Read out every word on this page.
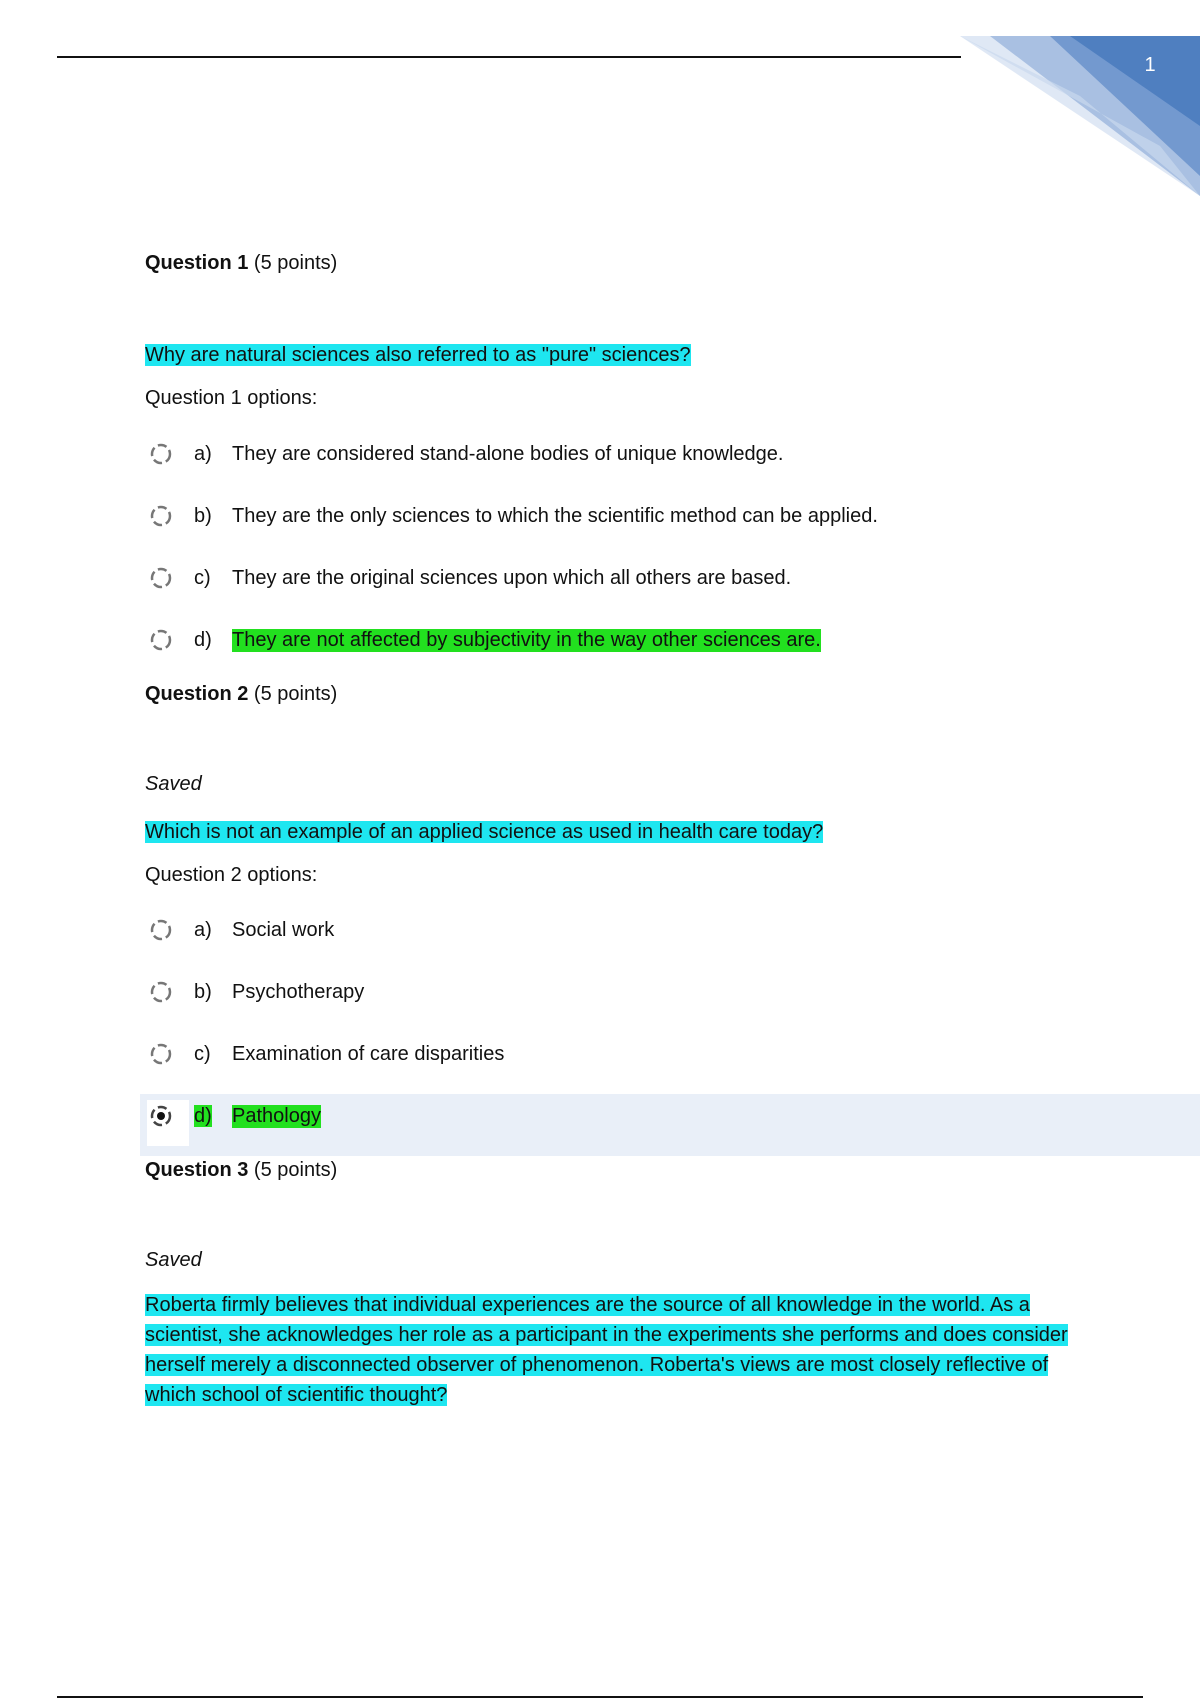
1
Question 1 (5 points)
Why are natural sciences also referred to as "pure" sciences?
Question 1 options:
a)	They are considered stand-alone bodies of unique knowledge.
b)	They are the only sciences to which the scientific method can be applied.
c)	They are the original sciences upon which all others are based.
d)	They are not affected by subjectivity in the way other sciences are.
Question 2 (5 points)
Saved
Which is not an example of an applied science as used in health care today?
Question 2 options:
a)	Social work
b)	Psychotherapy
c)	Examination of care disparities
d)	Pathology
Question 3 (5 points)
Saved
Roberta firmly believes that individual experiences are the source of all knowledge in the world. As a
scientist, she acknowledges her role as a participant in the experiments she performs and does consider
herself merely a disconnected observer of phenomenon. Roberta's views are most closely reflective of
which school of scientific thought?
